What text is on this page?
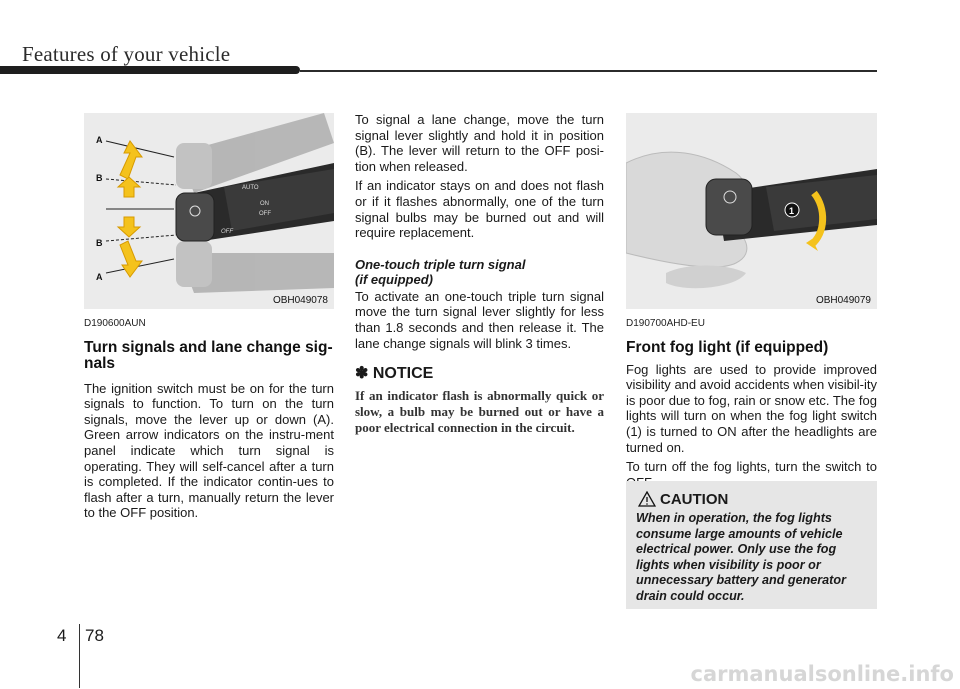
Features of your vehicle
AUTO
ON
OFF
OFF
A
B
B
A
OBH049078
1
OBH049079

D190600AUN

Turn signals and lane change sig-nals

The ignition switch must be on for the turn signals to function. To turn on the turn signals, move the lever up or down (A). Green arrow indicators on the instru-ment panel indicate which turn signal is operating. They will self-cancel after a turn is completed. If the indicator contin-ues to flash after a turn, manually return the lever to the OFF position.

To signal a lane change, move the turn signal lever slightly and hold it in position (B). The lever will return to the OFF posi-tion when released.

If an indicator stays on and does not flash or if it flashes abnormally, one of the turn signal bulbs may be burned out and will require replacement.

One-touch triple turn signal
(if equipped)

To activate an one-touch triple turn signal move the turn signal lever slightly for less than 1.8 seconds and then release it. The lane change signals will blink 3 times.

✽ NOTICE
If an indicator flash is abnormally quick or slow, a bulb may be burned out or have a poor electrical connection in the circuit.

D190700AHD-EU

Front fog light (if equipped)

Fog lights are used to provide improved visibility and avoid accidents when visibil-ity is poor due to fog, rain or snow etc. The fog lights will turn on when the fog light switch (1) is turned to ON after the headlights are turned on.

To turn off the fog lights, turn the switch to

CAUTION
When in operation, the fog lights consume large amounts of vehicle electrical power. Only use the fog lights when visibility is poor or unnecessary battery and generator drain could occur.
4 78
carmanualsonline.info
